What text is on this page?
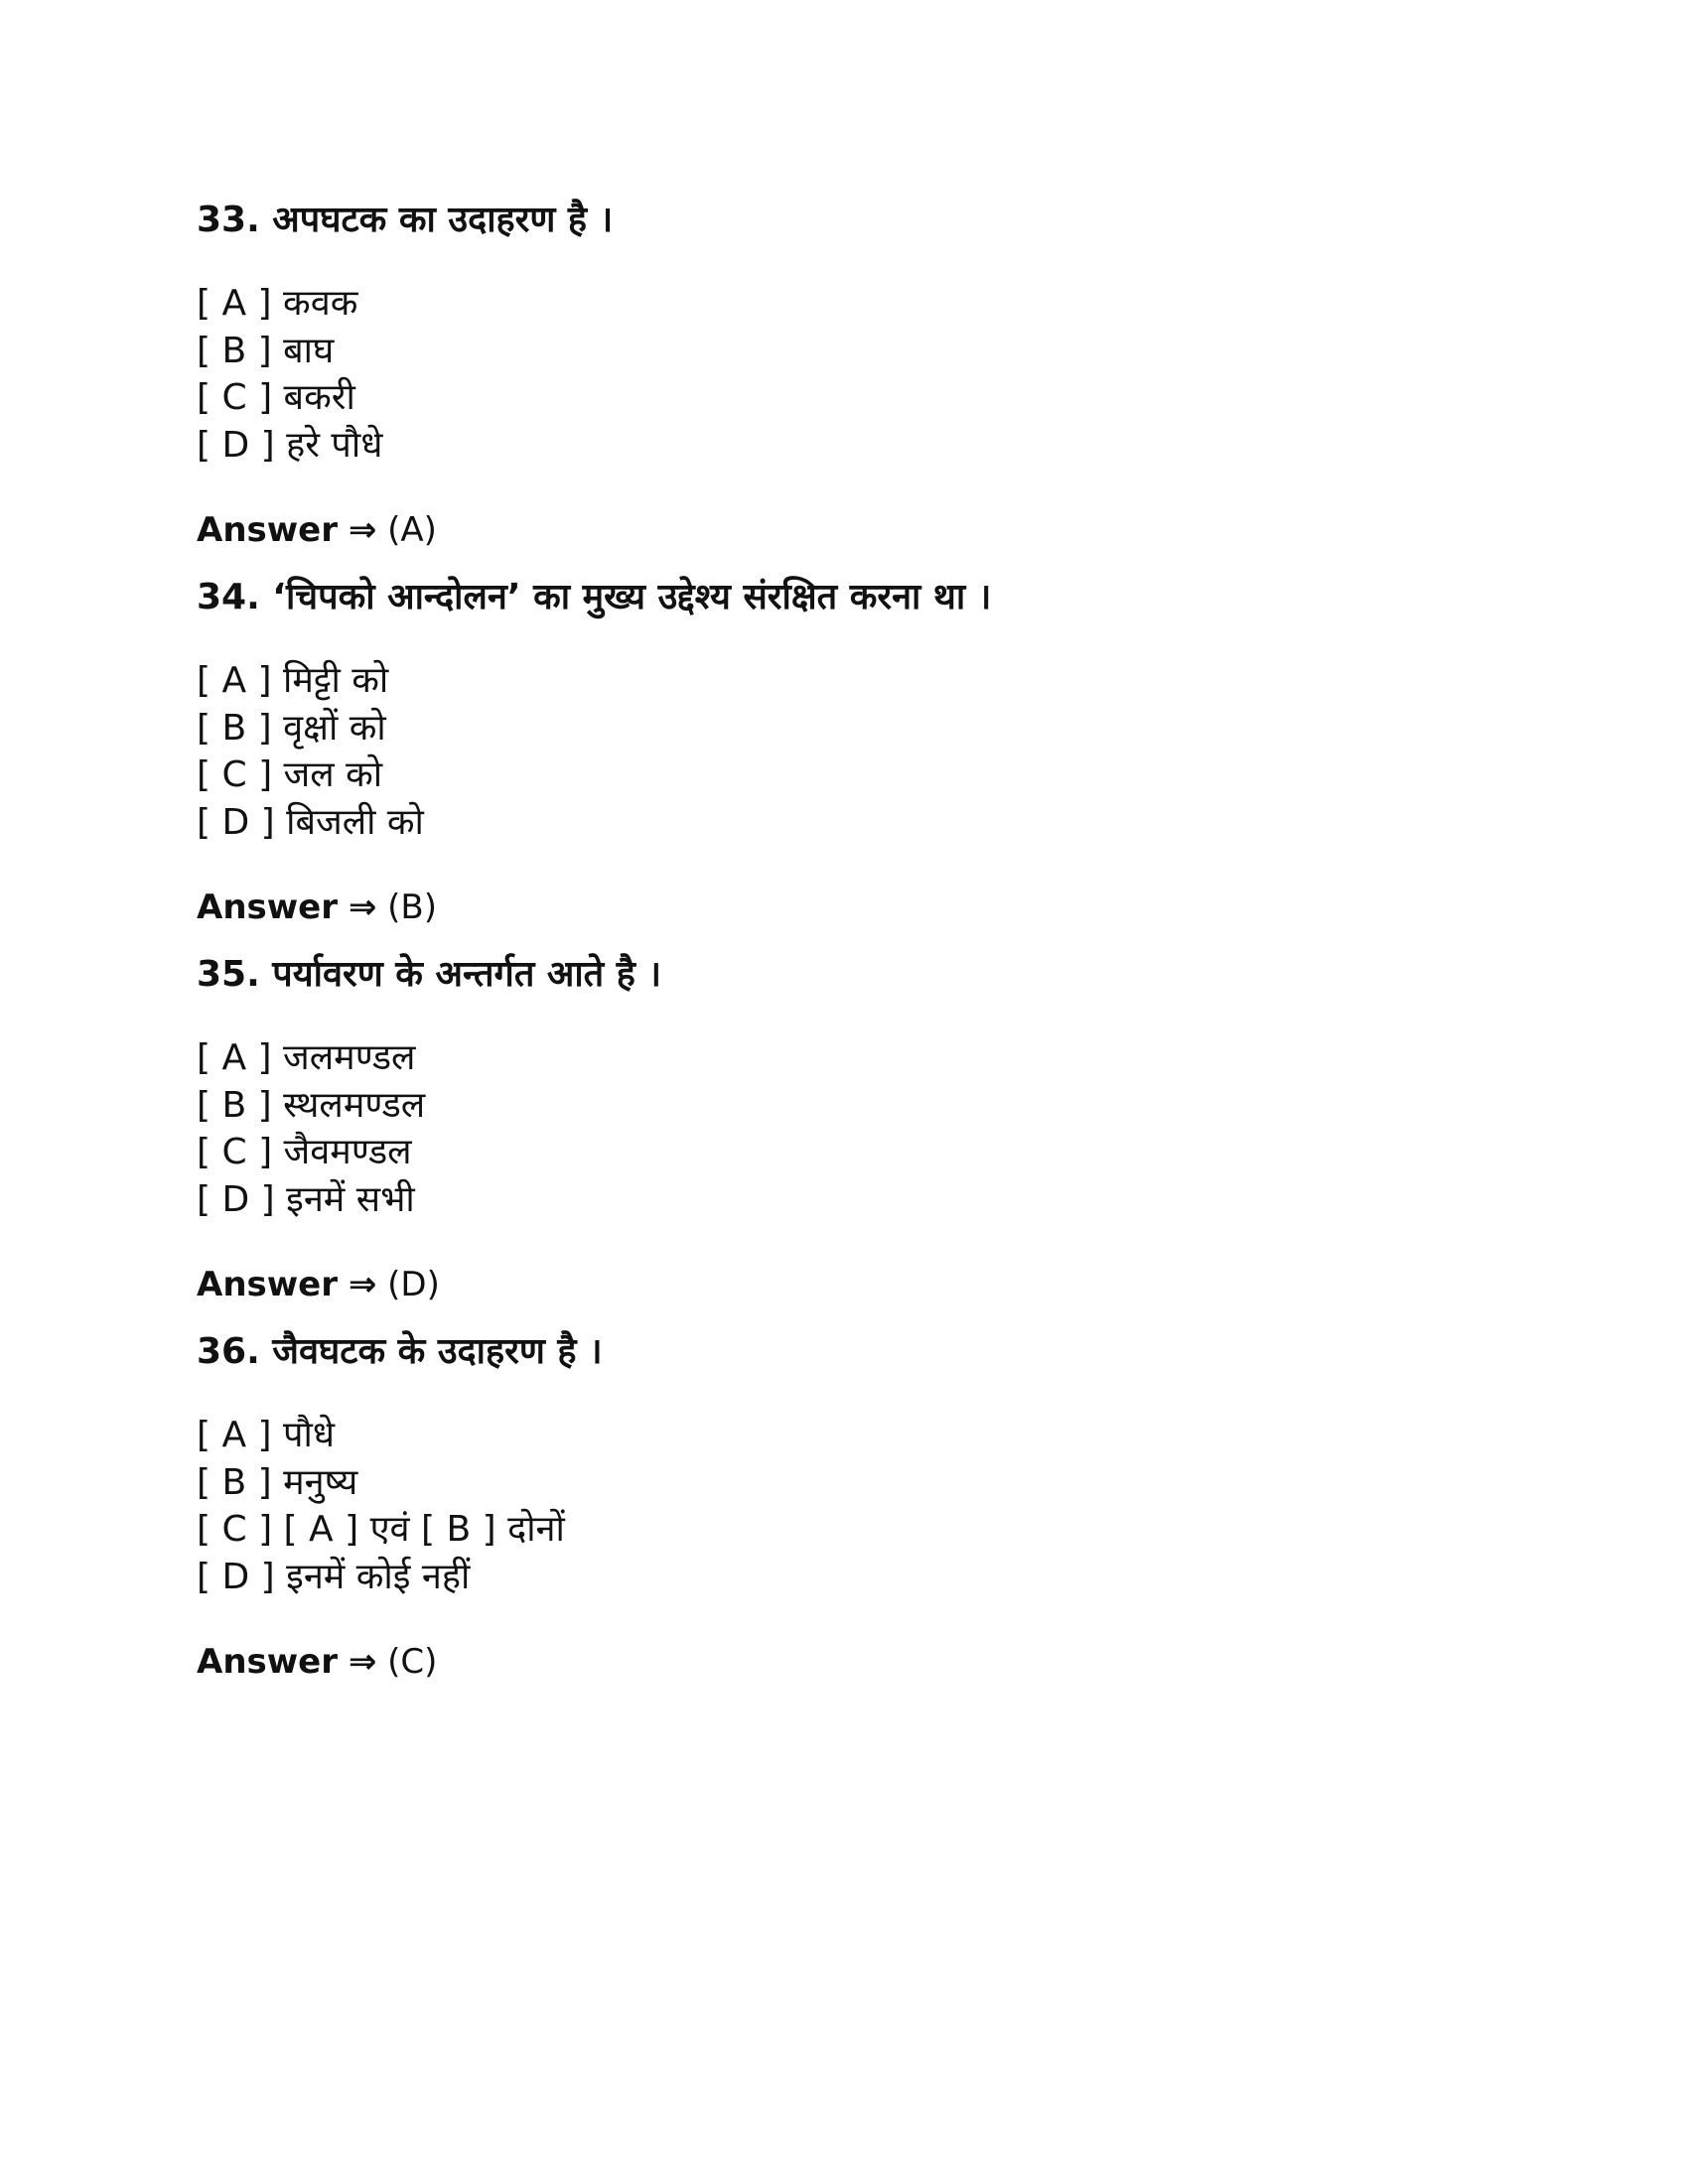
33. अपघटक का उदाहरण है ।
[ A ] कवक
[ B ] बाघ
[ C ] बकरी
[ D ] हरे पौधे
Answer ⇒ (A)
34. ‘चिपको आन्दोलन’ का मुख्य उद्देश्य संरक्षित करना था ।
[ A ] मिट्टी को
[ B ] वृक्षों को
[ C ] जल को
[ D ] बिजली को
Answer ⇒ (B)
35. पर्यावरण के अन्तर्गत आते है ।
[ A ] जलमण्डल
[ B ] स्थलमण्डल
[ C ] जैवमण्डल
[ D ] इनमें सभी
Answer ⇒ (D)
36. जैवघटक के उदाहरण है ।
[ A ] पौधे
[ B ] मनुष्य
[ C ] [ A ] एवं [ B ] दोनों
[ D ] इनमें कोई नहीं
Answer ⇒ (C)
